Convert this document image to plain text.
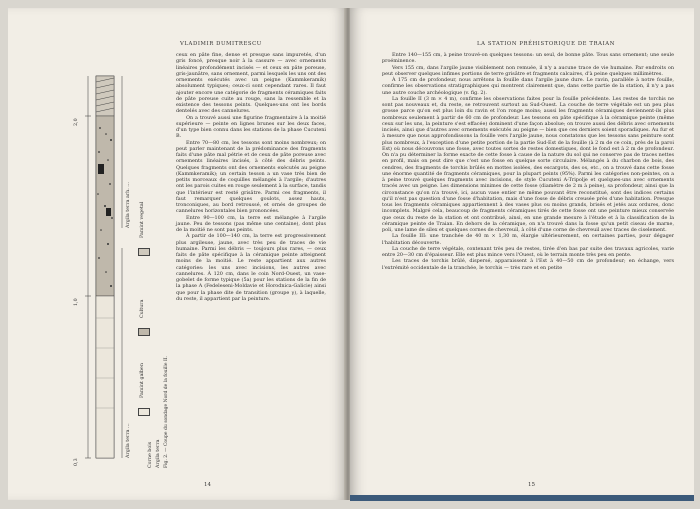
VLADIMIR DUMITRESCU
0,3
1,0
2,0
Argila terra arh. ...
Argila terra ...
Pamint vegetal
Cultura
Pamint galben
Corne bois Argila terra Fig. 2. — Coupe du sondage Nord de la fouille II.

ceux en pâte fine, dense et presque sans impuretés, d'un gris foncé, presque noir à la cassure — avec ornements linéaires profondément incisés — et ceux en pâte poreuse, gris-jaunâtre, sans ornement, parmi lesquels les uns ont des ornements exécutés avec un peigne (Kammkeramik) absolument typiques; ceux-ci sont cependant rares. Il faut ajouter encore une catégorie de fragments céramiques faits de pâte poreuse cuite au rouge, sans la ressemble et la existence des tessons peints. Quelques-uns ont les bords dentelés avec des cannelures.

On a trouvé aussi une figurine fragmentaire à la moitié supérieure — peinte en lignes brunes sur les deux faces, d'un type bien connu dans les stations de la phase Cucuteni B.

Entre 70—80 cm, les tessons sont moins nombreux; on peut parler maintenant de la prédominance des fragments faits d'une pâte mal pétrie et de ceux de pâte poreuse avec ornements linéaires incisés, à côté des débris peints. Quelques fragments ont des ornements exécutés au peigne (Kammkeramik); un certain tesson a un vase très bien de petits morceaux de coquilles mélangés à l'argile; d'autres ont les parois cuites en rouge seulement à la surface, tandis que l'intérieur est resté grisâtre. Parmi ces fragments, il faut remarquer quelques goulots, assez hauts, tronconiques, au bord retroussé, et ornés de groupes de cannelures horizontales bien prononcées.

Entre 90—100 cm, la terre est mélangée à l'argile jaune. Peu de tessons (pas même une centaine), dont plus de la moitié ne sont pas peints.

À partir de 100—140 cm, la terre est progressivement plus argileuse, jaune, avec très peu de traces de vie humaine. Parmi les débris — toujours plus rares, — ceux faits de pâte spécifique à la céramique peinte atteignent moins de la moitié. Le reste appartient aux autres catégories: les uns avec incisions, les autres avec cannelures. À 120 cm, dans le coin Nord-Ouest, un vase-gobelet de forme typique (5a) pour les stations de la fin de la phase A (Fedeleseni-Moldavie et Horodnica-Galicie) ainsi que pour la phase dite de transition (groupe γ), à laquelle, du reste, il appartient par la peinture.

14
LA STATION PRÉHISTORIQUE DE TRAIAN

Entre 140—155 cm, à peine trouvé-on quelques tessons: un seul, de bonne pâte. Tous sans ornement; une seule proéminence.

Vers 155 cm, dans l'argile jaune visiblement non remuée, il n'y a aucune trace de vie humaine. Par endroits on peut observer quelques infimes portions de terre grisâtre et fragments calcaires, d'à peine quelques millimètres.

À 175 cm de profondeur, nous arrêtons la fouille dans l'argile jaune dure. Le ravin, parallèle à notre fouille, confirme les observations stratigraphiques qui montrent clairement que, dans cette partie de la station, il n'y a pas une autre couche archéologique (v. fig. 2).

La fouille II (3 m × 4 m), confirme les observations faites pour la fouille précédente. Les restes de torchis ne sont pas nouveaux et, du reste, se retrouvent surtout au Sud-Ouest. La couche de terre végétale est un peu plus grosse parce qu'on est plus loin du ravin et l'on ronge moins; aussi les fragments céramiques deviennent-ils plus nombreux seulement à partir de 60 cm de profondeur. Les tessons en pâte spécifique à la céramique peinte (même ceux sur les uns, la peinture s'est effacée) dominent d'une façon absolue; on trouve aussi des débris avec ornements incisés, ainsi que d'autres avec ornements exécutés au peigne — bien que ces derniers soient sporadiques. Au fur et à mesure que nous approfondissons la fouille vers l'argile jaune, nous constatons que les tessons sans peinture sont plus nombreux, à l'exception d'une petite portion de la partie Sud-Est de la fouille (à 2 m de ce coin, près de la paroi Est) où nous découvrons une fosse, avec toutes sortes de restes domestiques, dont le fond est à 2 m de profondeur. On n'a pu déterminer la forme exacte de cette fosse à cause de la nature du sol qui ne conserve pas de traces nettes en profil, mais on peut dire que c'est une fosse en quelque sorte circulaire. Mélangés à du charbon de bois, des cendres, des fragments de torchis brûlés en mottes isolées, des escargots, des os, etc., on a trouvé dans cette fosse une énorme quantité de fragments céramiques, pour la plupart peints (95%). Parmi les catégories non-peintes, on a à peine trouvé quelques fragments avec incisions, de style Cucuteni A-Tripolje et quelques-uns avec ornements tracés avec un peigne. Les dimensions minimes de cette fosse (diamètre de 2 m à peine), sa profondeur, ainsi que la circonstance qu'on n'a trouvé, ici, aucun vase entier ne même pouvant être reconstitué, sont des indices certains qu'il n'est pas question d'une fosse d'habitation, mais d'une fosse de débris creusée près d'une habitation. Presque tous les fragments céramiques appartiennent à des vases plus ou moins grands, brisés et jetés aux ordures, donc incomplets. Malgré cela, beaucoup de fragments céramiques tirés de cette fosse ont une peinture mieux conservée que ceux du reste de la station et ont contribué, ainsi, en une grande mesure à l'étude et à la classification de la céramique peinte de Traian. En dehors de la céramique, on n'a trouvé dans la fosse qu'un petit ciseau de marne, poli, une lame de silex et quelques cornes de chevreuil, à côté d'une corne de chevreuil avec traces de ciselement.

La fouille III: une tranchée de 40 m × 1,30 m, élargie ultérieurement, en certaines parties, pour dégager l'habitation découverte.

La couche de terre végétale, contenant très peu de restes, tirée d'en bas par suite des travaux agricoles, varie entre 20—30 cm d'épaisseur. Elle est plus mince vers l'Ouest, où le terrain monte très peu en pente.

Les traces de torchis brûlé, dispersé, apparaissent à l'Est à 40—50 cm de profondeur; en échange, vers l'extrémité occidentale de la tranchée, le torchis — très rare et en petite

15
